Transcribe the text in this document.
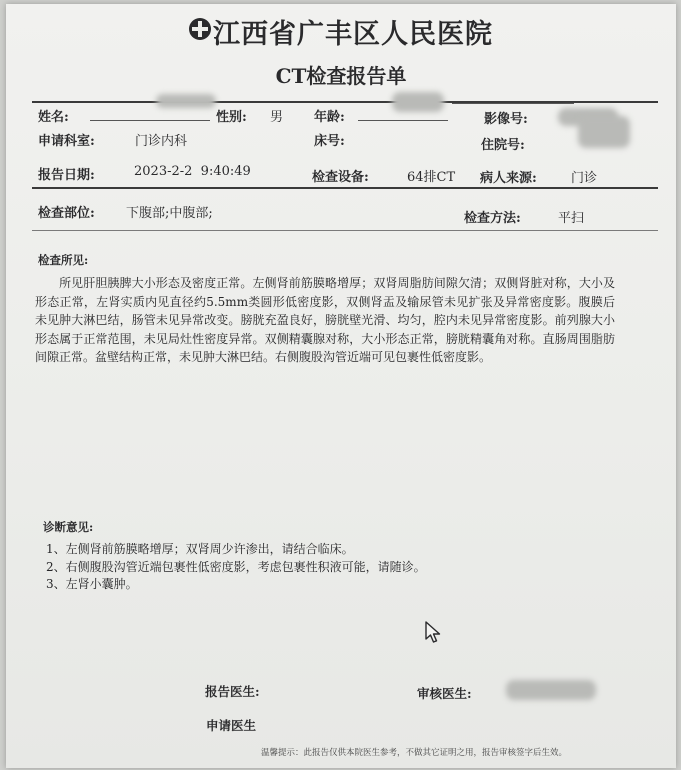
江西省广丰区人民医院
CT检查报告单
姓名:	性别: 男 年龄:	影像号:
申请科室:	门诊内科	床号:	住院号:
报告日期:	2023-2-2  9:40:49	检查设备:	64排CT 病人来源:	门诊
检查部位: 下腹部;中腹部;	检查方法:	平扫
检查所见:
所见肝胆胰脾大小形态及密度正常。左侧肾前筋膜略增厚；双肾周脂肪间隙欠清；双侧肾脏对称，大小及形态正常，左肾实质内见直径约5.5mm类圆形低密度影，双侧肾盂及输尿管未见扩张及异常密度影。腹膜后未见肿大淋巴结，肠管未见异常改变。膀胱充盈良好，膀胱壁光滑、均匀，腔内未见异常密度影。前列腺大小形态属于正常范围，未见局灶性密度异常。双侧精囊腺对称，大小形态正常，膀胱精囊角对称。直肠周围脂肪间隙正常。盆壁结构正常，未见肿大淋巴结。右侧腹股沟管近端可见包裹性低密度影。
诊断意见:
1、左侧肾前筋膜略增厚；双肾周少许渗出，请结合临床。
2、右侧腹股沟管近端包裹性低密度影，考虑包裹性积液可能，请随诊。
3、左肾小囊肿。
报告医生:	审核医生:
申请医生
温馨提示：此报告仅供本院医生参考，不做其它证明之用，报告审核签字后生效。
